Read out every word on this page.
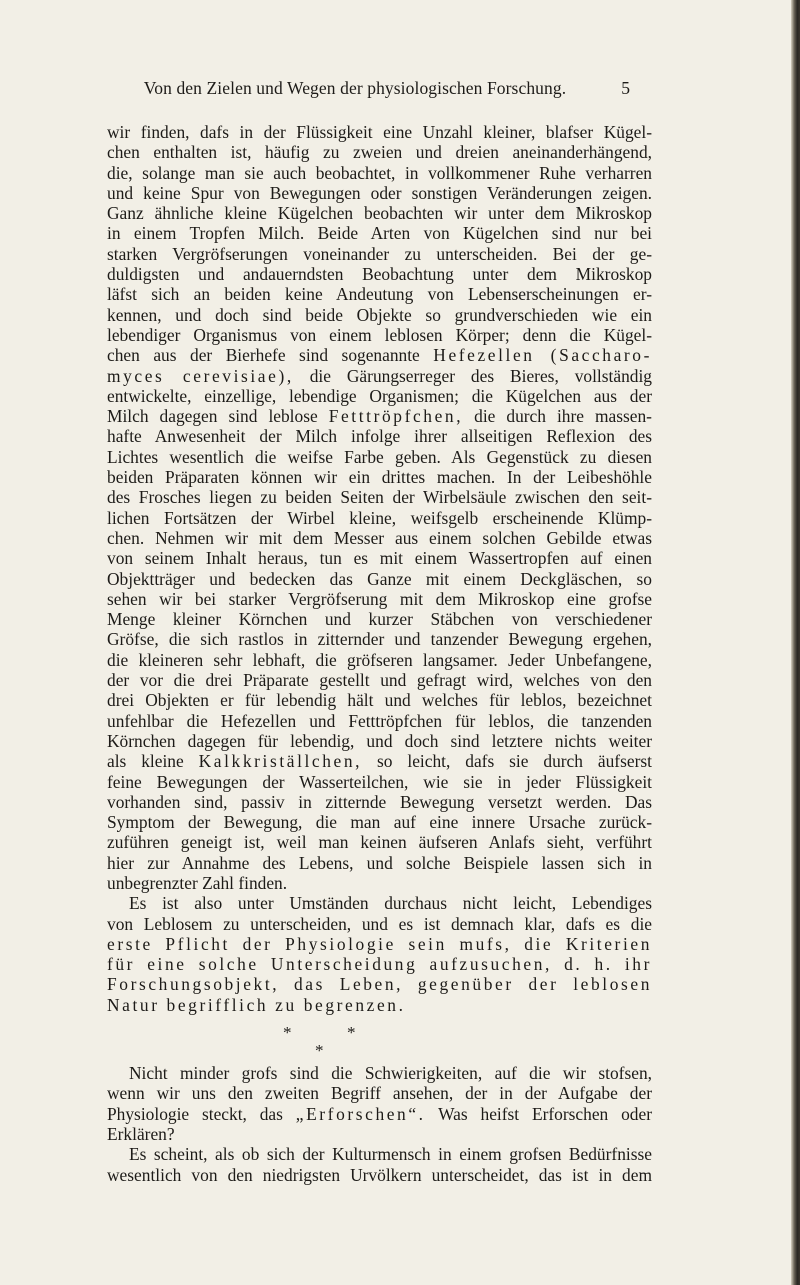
Von den Zielen und Wegen der physiologischen Forschung.	5
wir finden, dafs in der Flüssigkeit eine Unzahl kleiner, blafser Kügel-
chen enthalten ist, häufig zu zweien und dreien aneinanderhängend,
die, solange man sie auch beobachtet, in vollkommener Ruhe verharren
und keine Spur von Bewegungen oder sonstigen Veränderungen zeigen.
Ganz ähnliche kleine Kügelchen beobachten wir unter dem Mikroskop
in einem Tropfen Milch. Beide Arten von Kügelchen sind nur bei
starken Vergröfserungen voneinander zu unterscheiden. Bei der ge-
duldigsten und andauerndsten Beobachtung unter dem Mikroskop
läfst sich an beiden keine Andeutung von Lebenserscheinungen er-
kennen, und doch sind beide Objekte so grundverschieden wie ein
lebendiger Organismus von einem leblosen Körper; denn die Kügel-
chen aus der Bierhefe sind sogenannte Hefezellen (Saccharo-
myces cerevisiae), die Gärungserreger des Bieres, vollständig
entwickelte, einzellige, lebendige Organismen; die Kügelchen aus der
Milch dagegen sind leblose Fetttröpfchen, die durch ihre massen-
hafte Anwesenheit der Milch infolge ihrer allseitigen Reflexion des
Lichtes wesentlich die weifse Farbe geben. Als Gegenstück zu diesen
beiden Präparaten können wir ein drittes machen. In der Leibeshöhle
des Frosches liegen zu beiden Seiten der Wirbelsäule zwischen den seit-
lichen Fortsätzen der Wirbel kleine, weifsgelb erscheinende Klümp-
chen. Nehmen wir mit dem Messer aus einem solchen Gebilde etwas
von seinem Inhalt heraus, tun es mit einem Wassertropfen auf einen
Objektträger und bedecken das Ganze mit einem Deckgläschen, so
sehen wir bei starker Vergröfserung mit dem Mikroskop eine grofse
Menge kleiner Körnchen und kurzer Stäbchen von verschiedener
Gröfse, die sich rastlos in zitternder und tanzender Bewegung ergehen,
die kleineren sehr lebhaft, die gröfseren langsamer. Jeder Unbefangene,
der vor die drei Präparate gestellt und gefragt wird, welches von den
drei Objekten er für lebendig hält und welches für leblos, bezeichnet
unfehlbar die Hefezellen und Fetttröpfchen für leblos, die tanzenden
Körnchen dagegen für lebendig, und doch sind letztere nichts weiter
als kleine Kalkkriställchen, so leicht, dafs sie durch äufserst
feine Bewegungen der Wasserteilchen, wie sie in jeder Flüssigkeit
vorhanden sind, passiv in zitternde Bewegung versetzt werden. Das
Symptom der Bewegung, die man auf eine innere Ursache zurück-
zuführen geneigt ist, weil man keinen äufseren Anlafs sieht, verführt
hier zur Annahme des Lebens, und solche Beispiele lassen sich in
unbegrenzter Zahl finden.
Es ist also unter Umständen durchaus nicht leicht, Lebendiges
von Leblosem zu unterscheiden, und es ist demnach klar, dafs es die
erste Pflicht der Physiologie sein mufs, die Kriterien
für eine solche Unterscheidung aufzusuchen, d. h. ihr
Forschungsobjekt, das Leben, gegenüber der leblosen
Natur begrifflich zu begrenzen.
*	*
*
Nicht minder grofs sind die Schwierigkeiten, auf die wir stofsen,
wenn wir uns den zweiten Begriff ansehen, der in der Aufgabe der
Physiologie steckt, das „Erforschen“. Was heifst Erforschen oder
Erklären?
Es scheint, als ob sich der Kulturmensch in einem grofsen Bedürfnisse
wesentlich von den niedrigsten Urvölkern unterscheidet, das ist in dem
